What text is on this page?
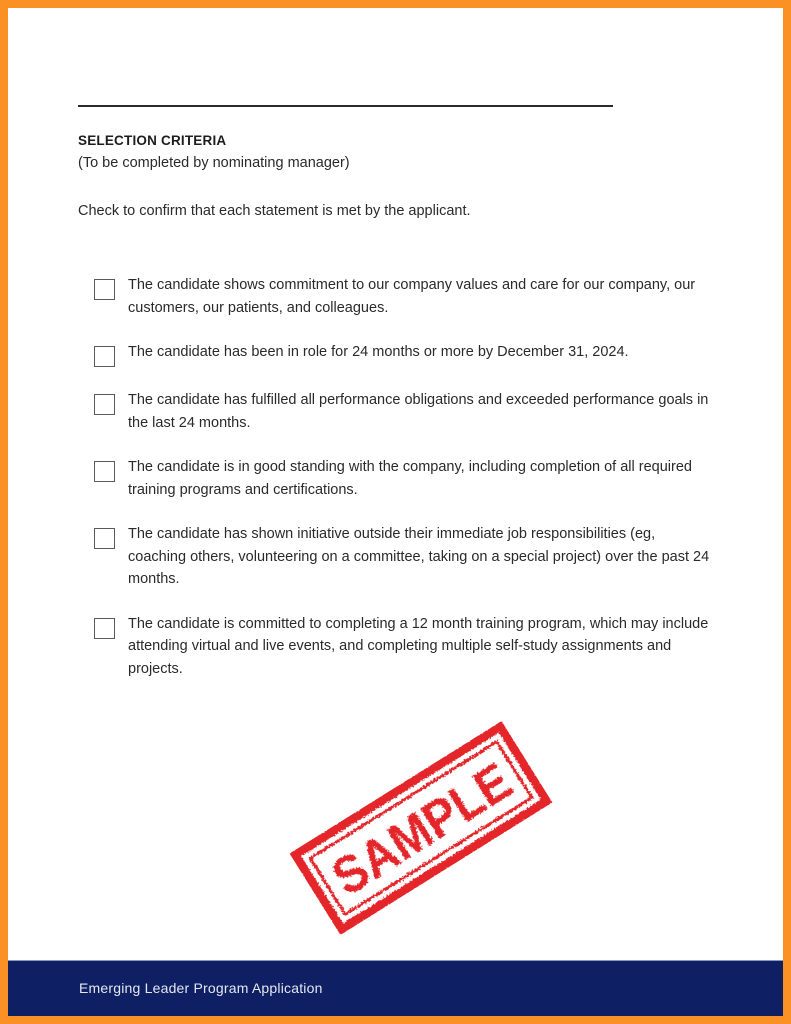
SELECTION CRITERIA

(To be completed by nominating manager)

Check to confirm that each statement is met by the applicant.

The candidate shows commitment to our company values and care for our company, our customers, our patients, and colleagues.
The candidate has been in role for 24 months or more by December 31, 2024.
The candidate has fulfilled all performance obligations and exceeded performance goals in the last 24 months.
The candidate is in good standing with the company, including completion of all required training programs and certifications.
The candidate has shown initiative outside their immediate job responsibilities (eg, coaching others, volunteering on a committee, taking on a special project) over the past 24 months.
The candidate is committed to completing a 12 month training program, which may include attending virtual and live events, and completing multiple self-study assignments and projects.
SAMPLE
Emerging Leader Program Application
